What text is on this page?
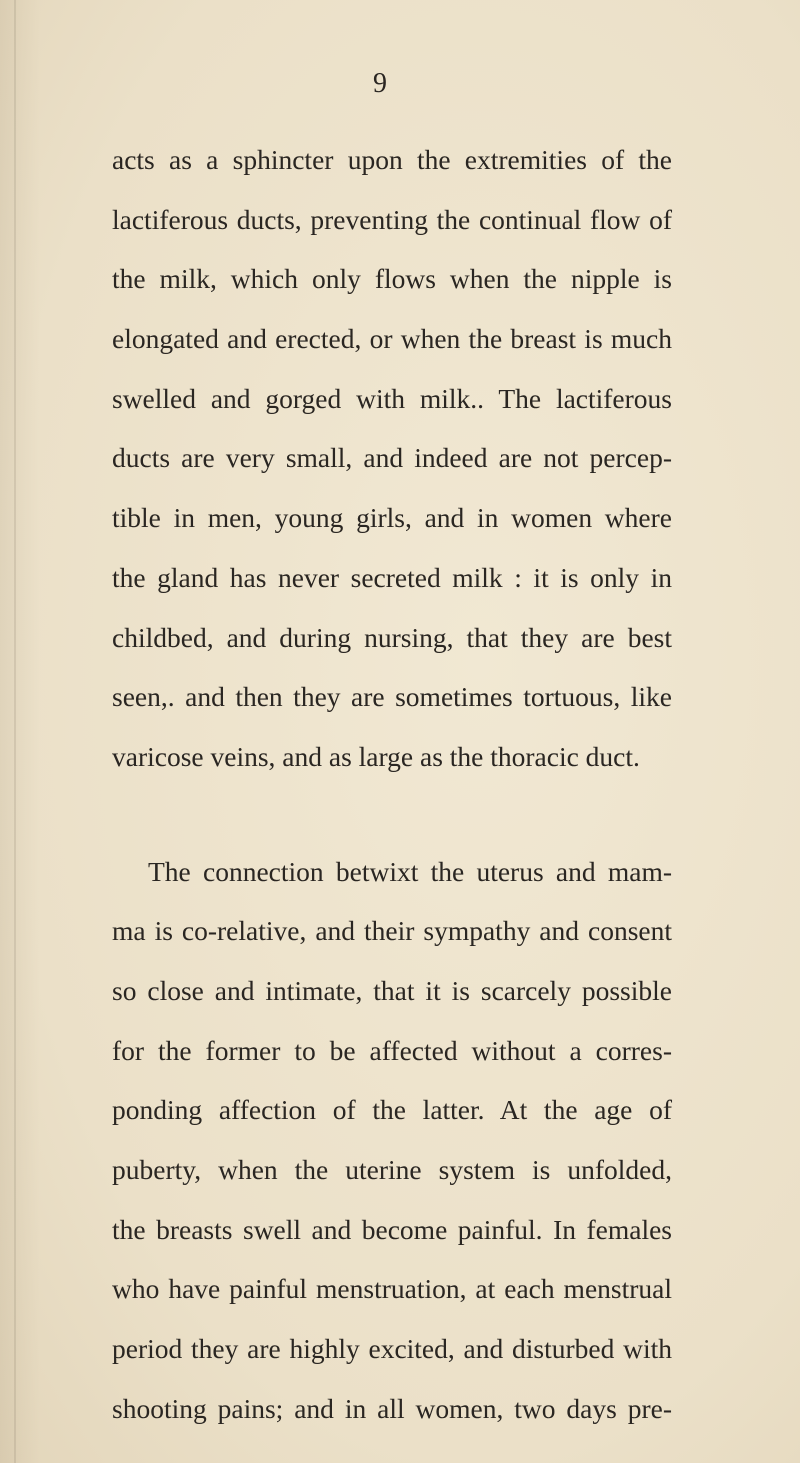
9
acts as a sphincter upon the extremities of the
lactiferous ducts, preventing the continual flow of
the milk, which only flows when the nipple is
elongated and erected, or when the breast is much
swelled and gorged with milk.. The lactiferous
ducts are very small, and indeed are not percep-
tible in men, young girls, and in women where
the gland has never secreted milk : it is only in
childbed, and during nursing, that they are best
seen,. and then they are sometimes tortuous, like
varicose veins, and as large as the thoracic duct.
The connection betwixt the uterus and mam-
ma is co-relative, and their sympathy and consent
so close and intimate, that it is scarcely possible
for the former to be affected without a corres-
ponding affection of the latter. At the age of
puberty, when the uterine system is unfolded,
the breasts swell and become painful. In females
who have painful menstruation, at each menstrual
period they are highly excited, and disturbed with
shooting pains; and in all women, two days pre-
